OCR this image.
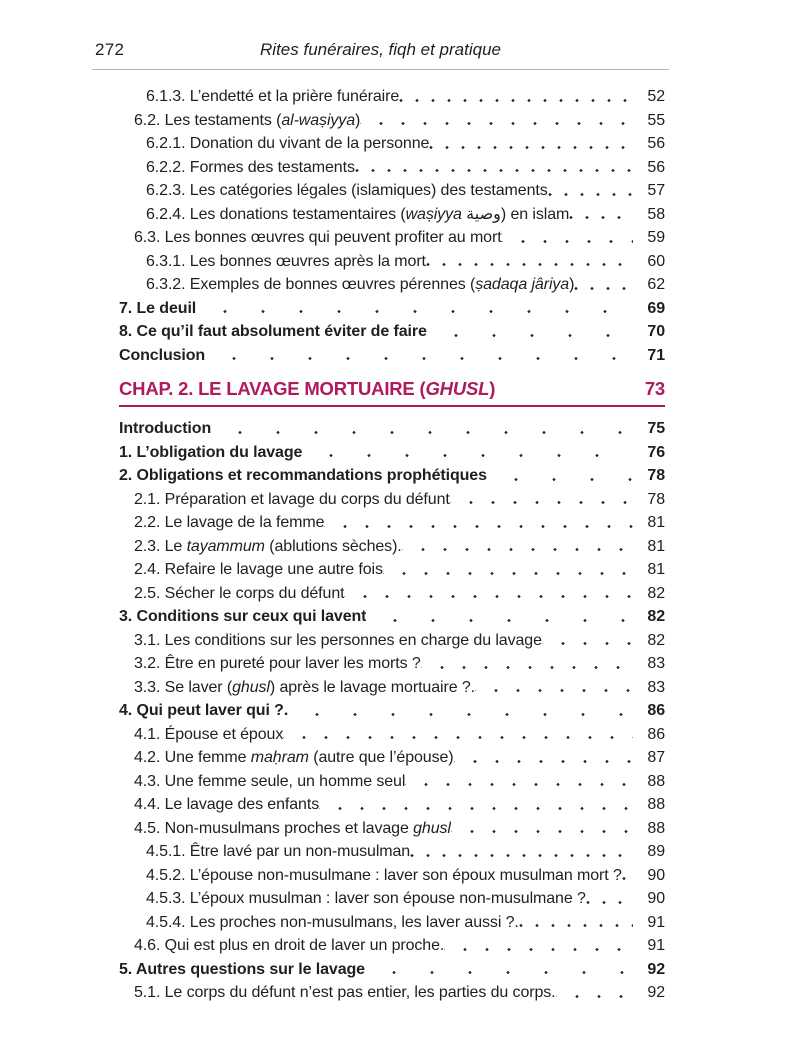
272	Rites funéraires, fiqh et pratique
6.1.3. L’endetté et la prière funéraire	52
6.2. Les testaments (al-waṣiyya)	55
6.2.1. Donation du vivant de la personne	56
6.2.2. Formes des testaments	56
6.2.3. Les catégories légales (islamiques) des testaments	57
6.2.4. Les donations testamentaires (waṣiyya وصية) en islam	58
6.3. Les bonnes œuvres qui peuvent profiter au mort	59
6.3.1. Les bonnes œuvres après la mort	60
6.3.2. Exemples de bonnes œuvres pérennes (ṣadaqa jâriya)	62
7. Le deuil	69
8. Ce qu’il faut absolument éviter de faire	70
Conclusion	71
CHAP. 2. LE LAVAGE MORTUAIRE (GHUSL)	73
Introduction	75
1. L’obligation du lavage	76
2. Obligations et recommandations prophétiques	78
2.1. Préparation et lavage du corps du défunt	78
2.2. Le lavage de la femme	81
2.3. Le tayammum (ablutions sèches).	81
2.4. Refaire le lavage une autre fois	81
2.5. Sécher le corps du défunt	82
3. Conditions sur ceux qui lavent	82
3.1. Les conditions sur les personnes en charge du lavage	82
3.2. Être en pureté pour laver les morts ?	83
3.3. Se laver (ghusl) après le lavage mortuaire ?.	83
4. Qui peut laver qui ?.	86
4.1. Épouse et époux	86
4.2. Une femme maḥram (autre que l’épouse)	87
4.3. Une femme seule, un homme seul	88
4.4. Le lavage des enfants	88
4.5. Non-musulmans proches et lavage ghusl	88
4.5.1. Être lavé par un non-musulman	89
4.5.2. L’épouse non-musulmane : laver son époux musulman mort ?	90
4.5.3. L’époux musulman : laver son épouse non-musulmane ?	90
4.5.4. Les proches non-musulmans, les laver aussi ?.	91
4.6. Qui est plus en droit de laver un proche.	91
5. Autres questions sur le lavage	92
5.1. Le corps du défunt n’est pas entier, les parties du corps.	92
